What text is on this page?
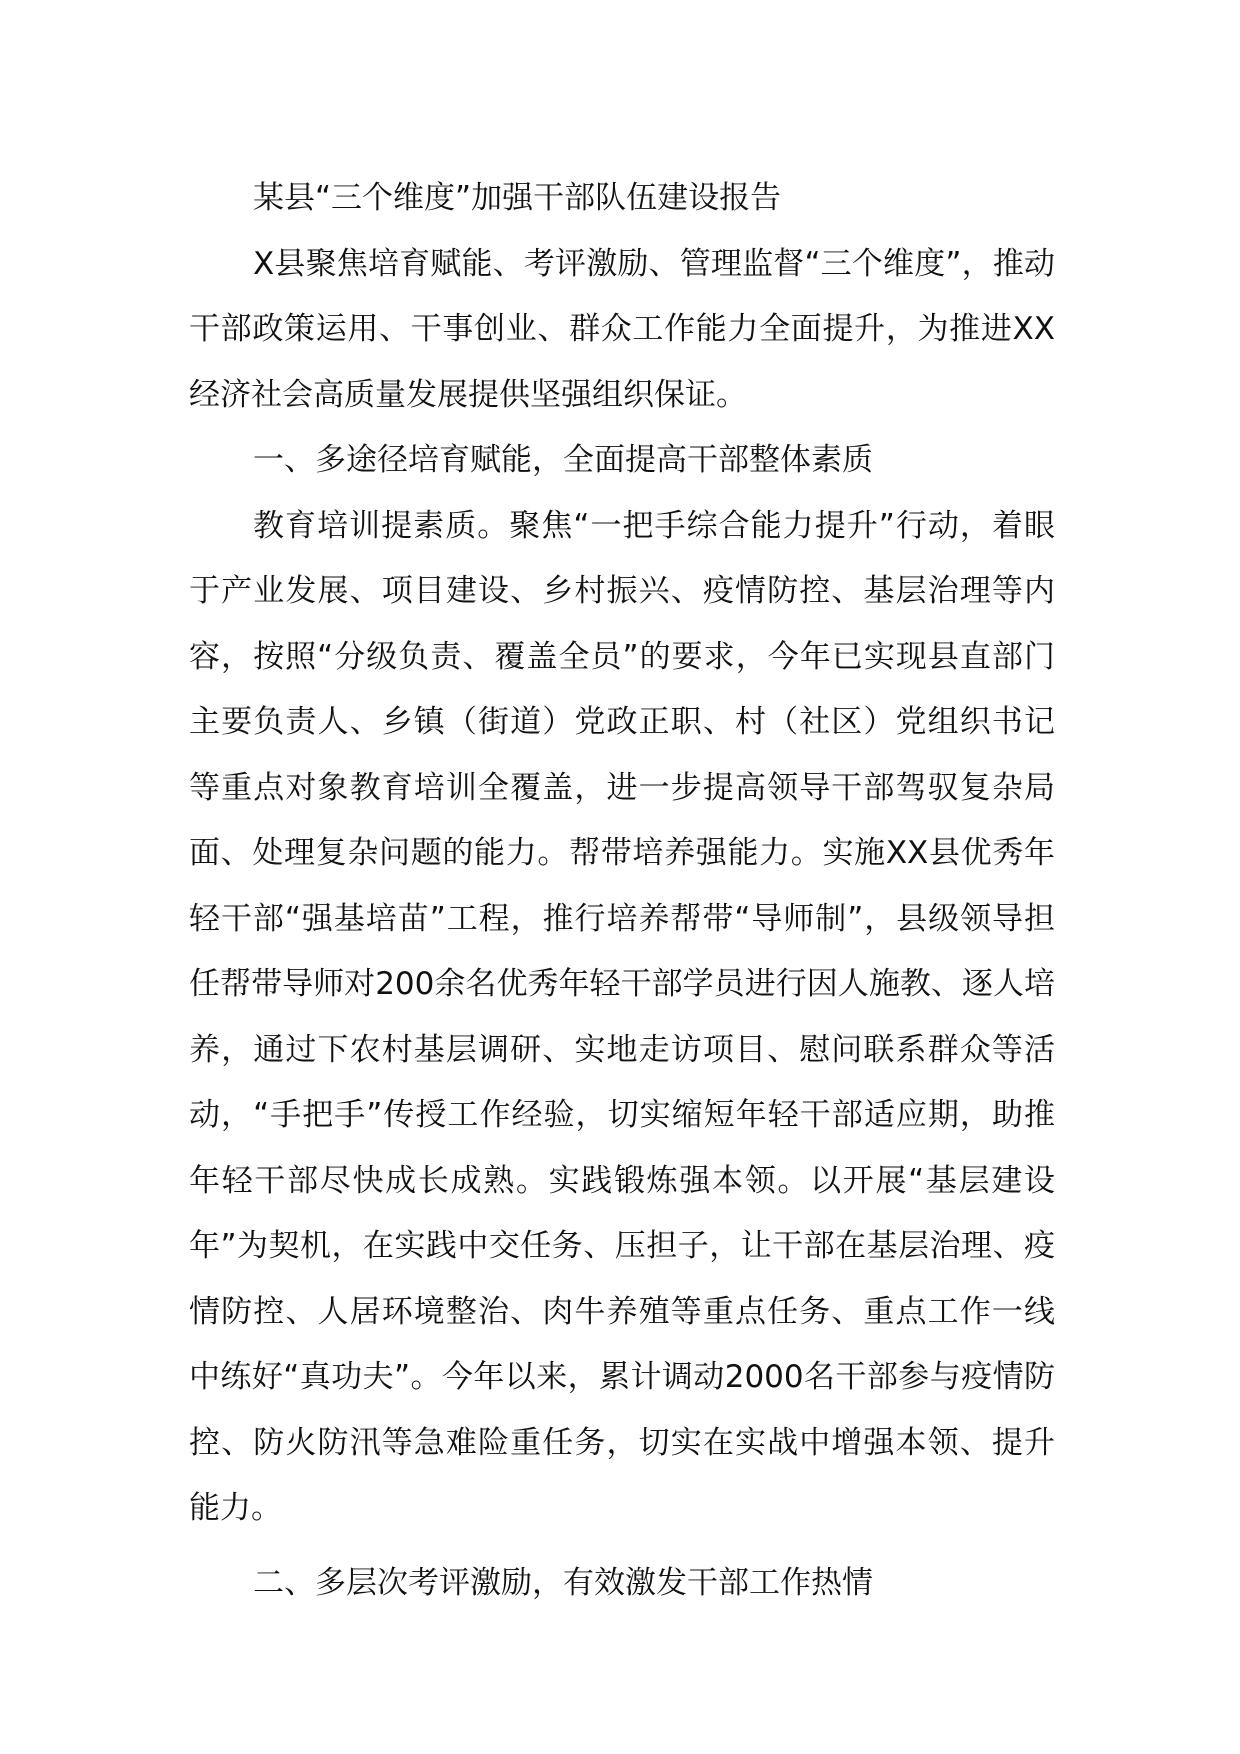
某县“三个维度”加强干部队伍建设报告

X县聚焦培育赋能、考评激励、管理监督“三个维度”，推动干部政策运用、干事创业、群众工作能力全面提升，为推进XX经济社会高质量发展提供坚强组织保证。

一、多途径培育赋能，全面提高干部整体素质

教育培训提素质。聚焦“一把手综合能力提升”行动，着眼于产业发展、项目建设、乡村振兴、疫情防控、基层治理等内容，按照“分级负责、覆盖全员”的要求，今年已实现县直部门主要负责人、乡镇（街道）党政正职、村（社区）党组织书记等重点对象教育培训全覆盖，进一步提高领导干部驾驭复杂局面、处理复杂问题的能力。帮带培养强能力。实施XX县优秀年轻干部“强基培苗”工程，推行培养帮带“导师制”，县级领导担任帮带导师对200余名优秀年轻干部学员进行因人施教、逐人培养，通过下农村基层调研、实地走访项目、慰问联系群众等活动，“手把手”传授工作经验，切实缩短年轻干部适应期，助推年轻干部尽快成长成熟。实践锻炼强本领。以开展“基层建设年”为契机，在实践中交任务、压担子，让干部在基层治理、疫情防控、人居环境整治、肉牛养殖等重点任务、重点工作一线中练好“真功夫”。今年以来，累计调动2000名干部参与疫情防控、防火防汛等急难险重任务，切实在实战中增强本领、提升能力。

二、多层次考评激励，有效激发干部工作热情
